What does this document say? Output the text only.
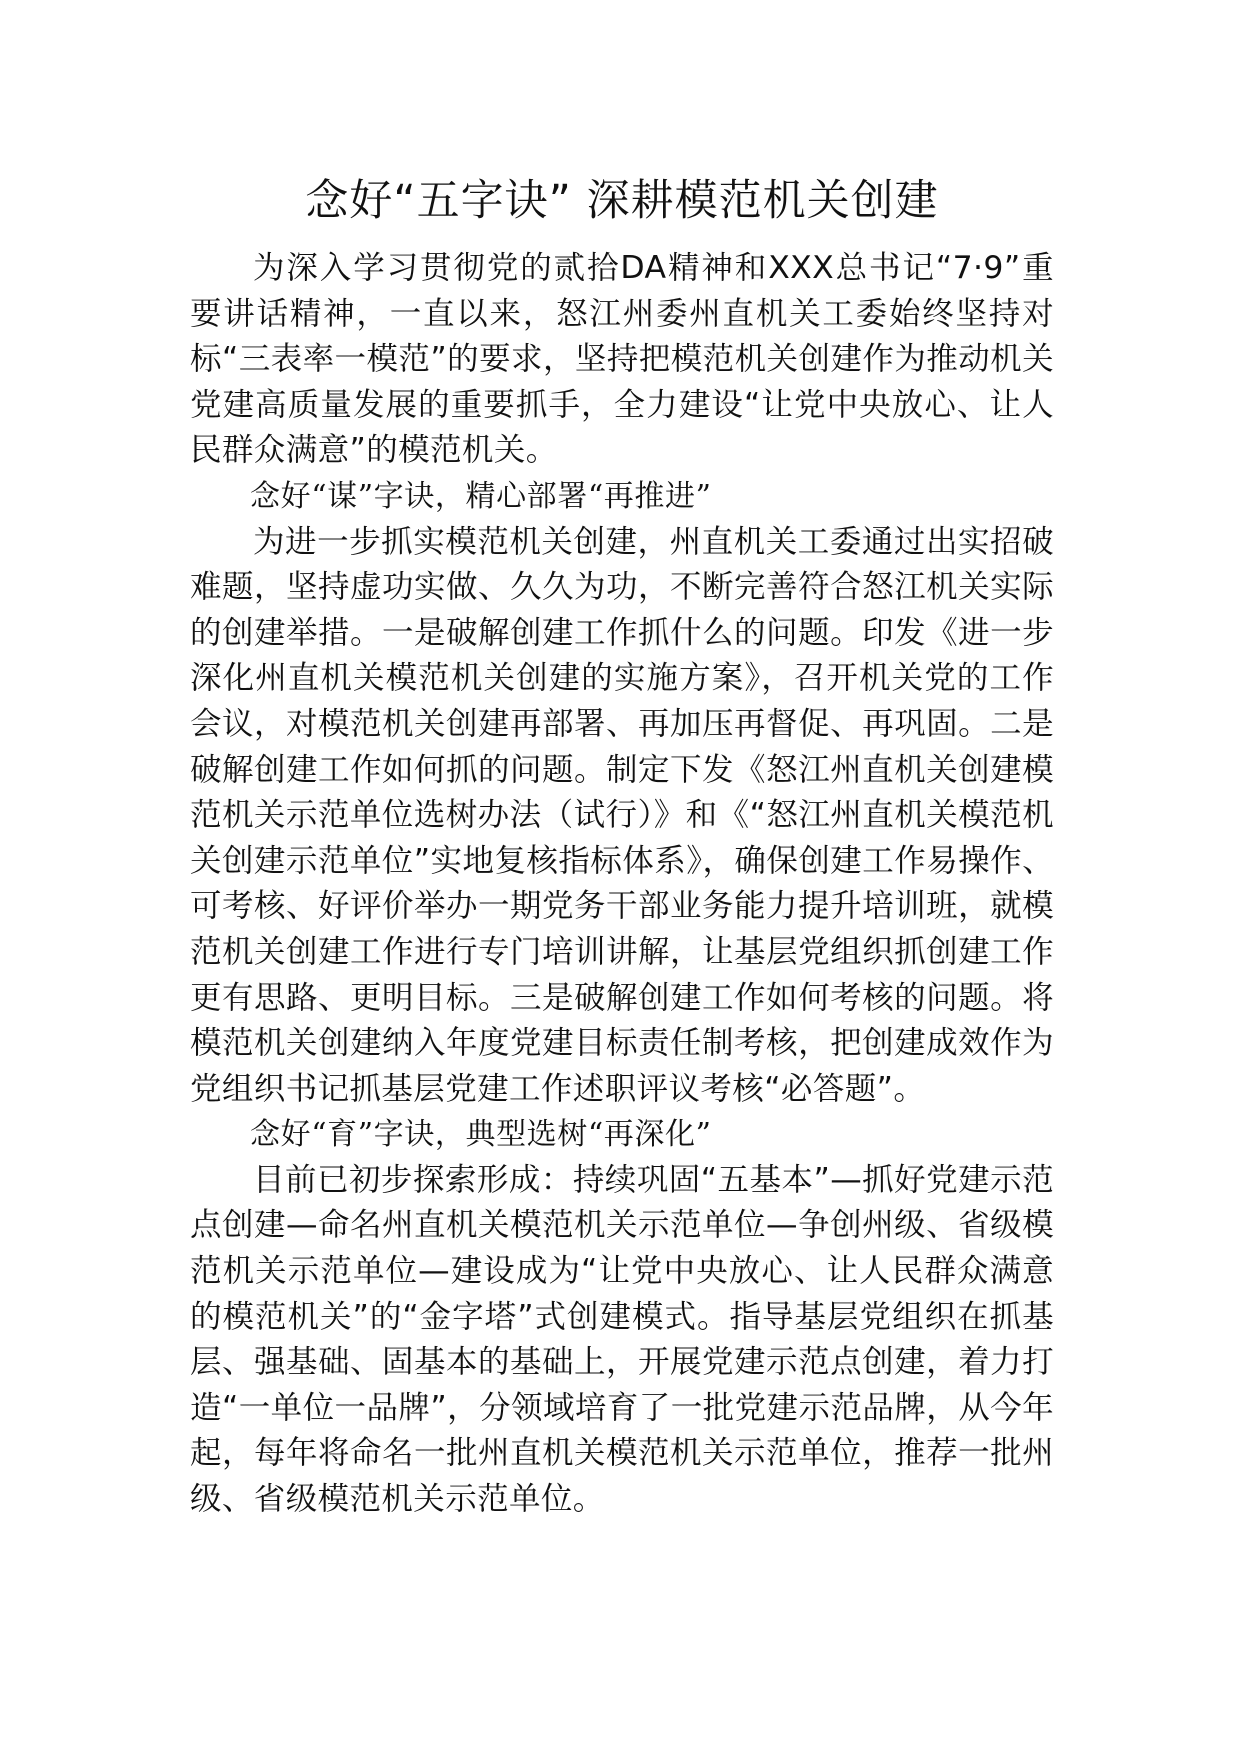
念好“五字诀” 深耕模范机关创建

为深入学习贯彻党的贰拾DA精神和XXX总书记“7·9”重要讲话精神，一直以来，怒江州委州直机关工委始终坚持对标“三表率一模范”的要求，坚持把模范机关创建作为推动机关党建高质量发展的重要抓手，全力建设“让党中央放心、让人民群众满意”的模范机关。

念好“谋”字诀，精心部署“再推进”

为进一步抓实模范机关创建，州直机关工委通过出实招破难题，坚持虚功实做、久久为功，不断完善符合怒江机关实际的创建举措。一是破解创建工作抓什么的问题。印发《进一步深化州直机关模范机关创建的实施方案》，召开机关党的工作会议，对模范机关创建再部署、再加压再督促、再巩固。二是破解创建工作如何抓的问题。制定下发《怒江州直机关创建模范机关示范单位选树办法（试行）》和《“怒江州直机关模范机关创建示范单位”实地复核指标体系》，确保创建工作易操作、可考核、好评价举办一期党务干部业务能力提升培训班，就模范机关创建工作进行专门培训讲解，让基层党组织抓创建工作更有思路、更明目标。三是破解创建工作如何考核的问题。将模范机关创建纳入年度党建目标责任制考核，把创建成效作为党组织书记抓基层党建工作述职评议考核“必答题”。

念好“育”字诀，典型选树“再深化”

目前已初步探索形成：持续巩固“五基本”—抓好党建示范点创建—命名州直机关模范机关示范单位—争创州级、省级模范机关示范单位—建设成为“让党中央放心、让人民群众满意的模范机关”的“金字塔”式创建模式。指导基层党组织在抓基层、强基础、固基本的基础上，开展党建示范点创建，着力打造“一单位一品牌”，分领域培育了一批党建示范品牌，从今年起，每年将命名一批州直机关模范机关示范单位，推荐一批州级、省级模范机关示范单位。
